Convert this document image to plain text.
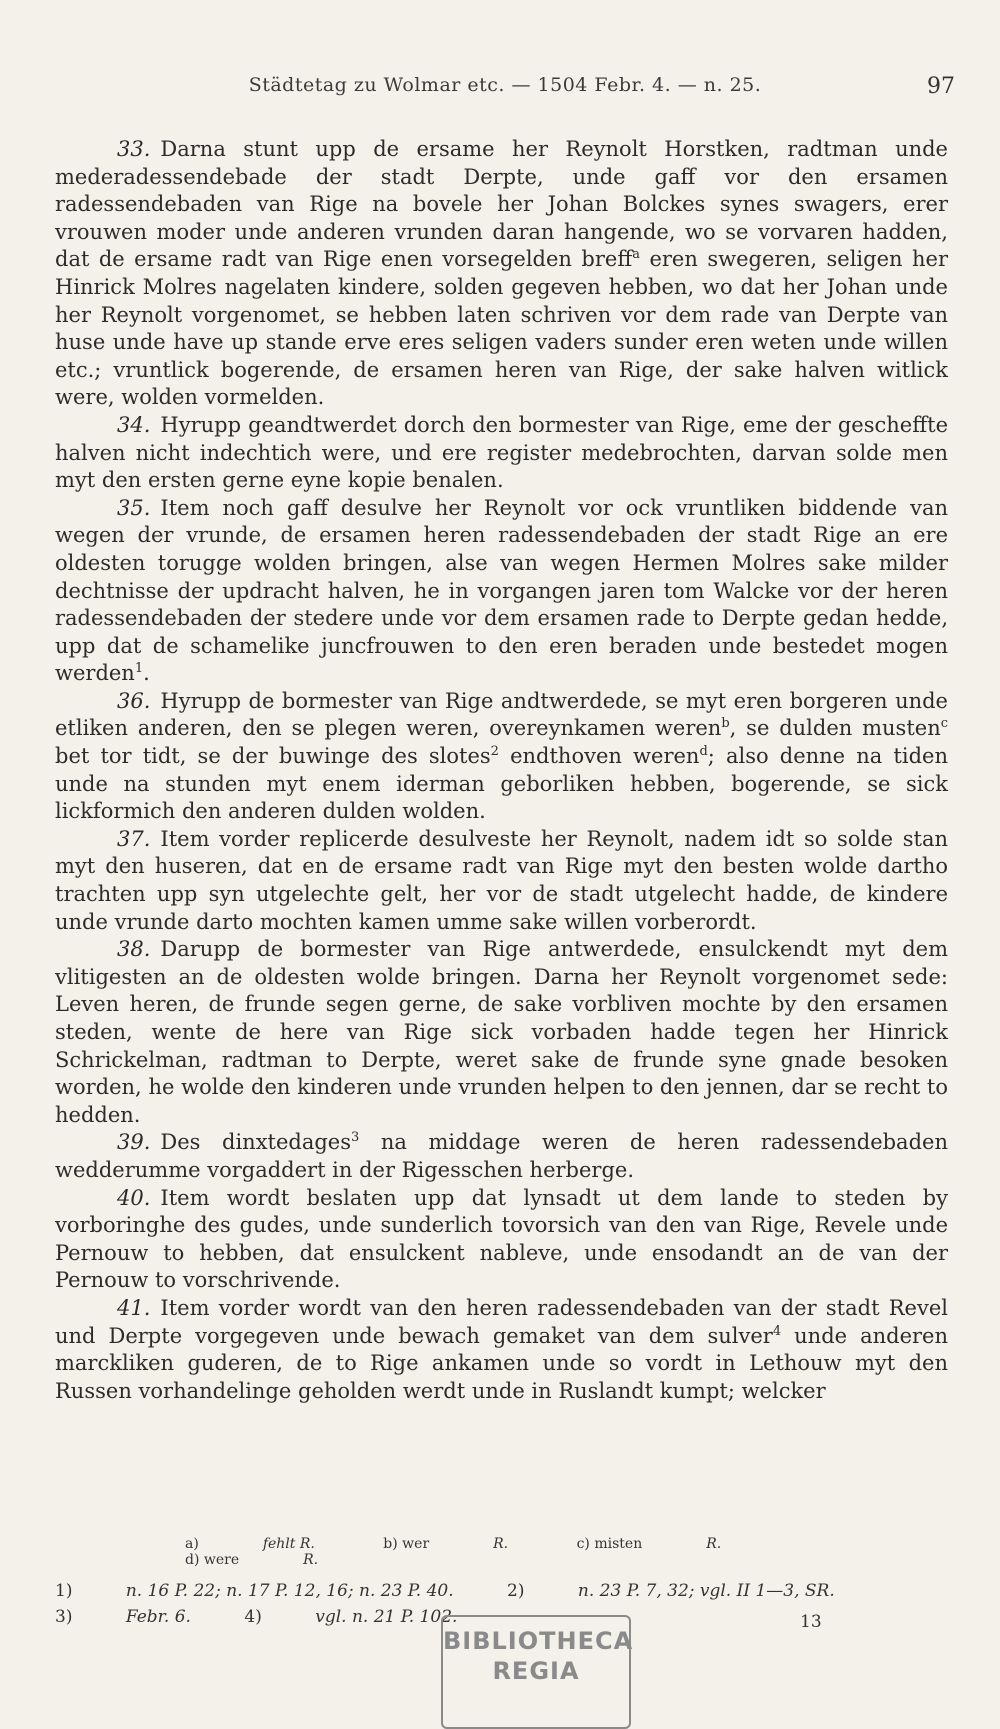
Städtetag zu Wolmar etc. — 1504 Febr. 4. — n. 25.	97

33. Darna stunt upp de ersame her Reynolt Horstken, radtman unde mederadessendebade der stadt Derpte, unde gaff vor den ersamen radessendebaden van Rige na bovele her Johan Bolckes synes swagers, erer vrouwen moder unde anderen vrunden daran hangende, wo se vorvaren hadden, dat de ersame radt van Rige enen vorsegelden breff$^a$ eren swegeren, seligen her Hinrick Molres nagelaten kindere, solden gegeven hebben, wo dat her Johan unde her Reynolt vorgenomet, se hebben laten schriven vor dem rade van Derpte van huse unde have up stande erve eres seligen vaders sunder eren weten unde willen etc.; vruntlick bogerende, de ersamen heren van Rige, der sake halven witlick were, wolden vormelden.

34. Hyrupp geandtwerdet dorch den bormester van Rige, eme der gescheffte halven nicht indechtich were, und ere register medebrochten, darvan solde men myt den ersten gerne eyne kopie benalen.

35. Item noch gaff desulve her Reynolt vor ock vruntliken biddende van wegen der vrunde, de ersamen heren radessendebaden der stadt Rige an ere oldesten torugge wolden bringen, alse van wegen Hermen Molres sake milder dechtnisse der updracht halven, he in vorgangen jaren tom Walcke vor der heren radessendebaden der stedere unde vor dem ersamen rade to Derpte gedan hedde, upp dat de schamelike juncfrouwen to den eren beraden unde bestedet mogen werden$^1$.

36. Hyrupp de bormester van Rige andtwerdede, se myt eren borgeren unde etliken anderen, den se plegen weren, overeynkamen weren$^b$, se dulden musten$^c$ bet tor tidt, se der buwinge des slotes$^2$ endthoven weren$^d$; also denne na tiden unde na stunden myt enem iderman geborliken hebben, bogerende, se sick lickformich den anderen dulden wolden.

37. Item vorder replicerde desulveste her Reynolt, nadem idt so solde stan myt den huseren, dat en de ersame radt van Rige myt den besten wolde dartho trachten upp syn utgelechte gelt, her vor de stadt utgelecht hadde, de kindere unde vrunde darto mochten kamen umme sake willen vorberordt.

38. Darupp de bormester van Rige antwerdede, ensulckendt myt dem vlitigesten an de oldesten wolde bringen. Darna her Reynolt vorgenomet sede: Leven heren, de frunde segen gerne, de sake vorbliven mochte by den ersamen steden, wente de here van Rige sick vorbaden hadde tegen her Hinrick Schrickelman, radtman to Derpte, weret sake de frunde syne gnade besoken worden, he wolde den kinderen unde vrunden helpen to den jennen, dar se recht to hedden.

39. Des dinxtedages$^3$ na middage weren de heren radessendebaden wedderumme vorgaddert in der Rigesschen herberge.

40. Item wordt beslaten upp dat lynsadt ut dem lande to steden by vorboringhe des gudes, unde sunderlich tovorsich van den van Rige, Revele unde Pernouw to hebben, dat ensulckent nableve, unde ensodandt an de van der Pernouw to vorschrivende.

41. Item vorder wordt van den heren radessendebaden van der stadt Revel und Derpte vorgegeven unde bewach gemaket van dem sulver$^4$ unde anderen marckliken guderen, de to Rige ankamen unde so vordt in Lethouw myt den Russen vorhandelinge geholden werdt unde in Ruslandt kumpt; welcker

a)	fehlt R.	b) wer	R.	c) misten	R. d) were	R.
1)	n. 16 P. 22; n. 17 P. 12, 16; n. 23 P. 40.	2)	n. 23 P. 7, 32; vgl. II 1—3, SR.
3)	Febr. 6.	4)	vgl. n. 21 P. 102.	13
BIBLIOTHECA
REGIA
